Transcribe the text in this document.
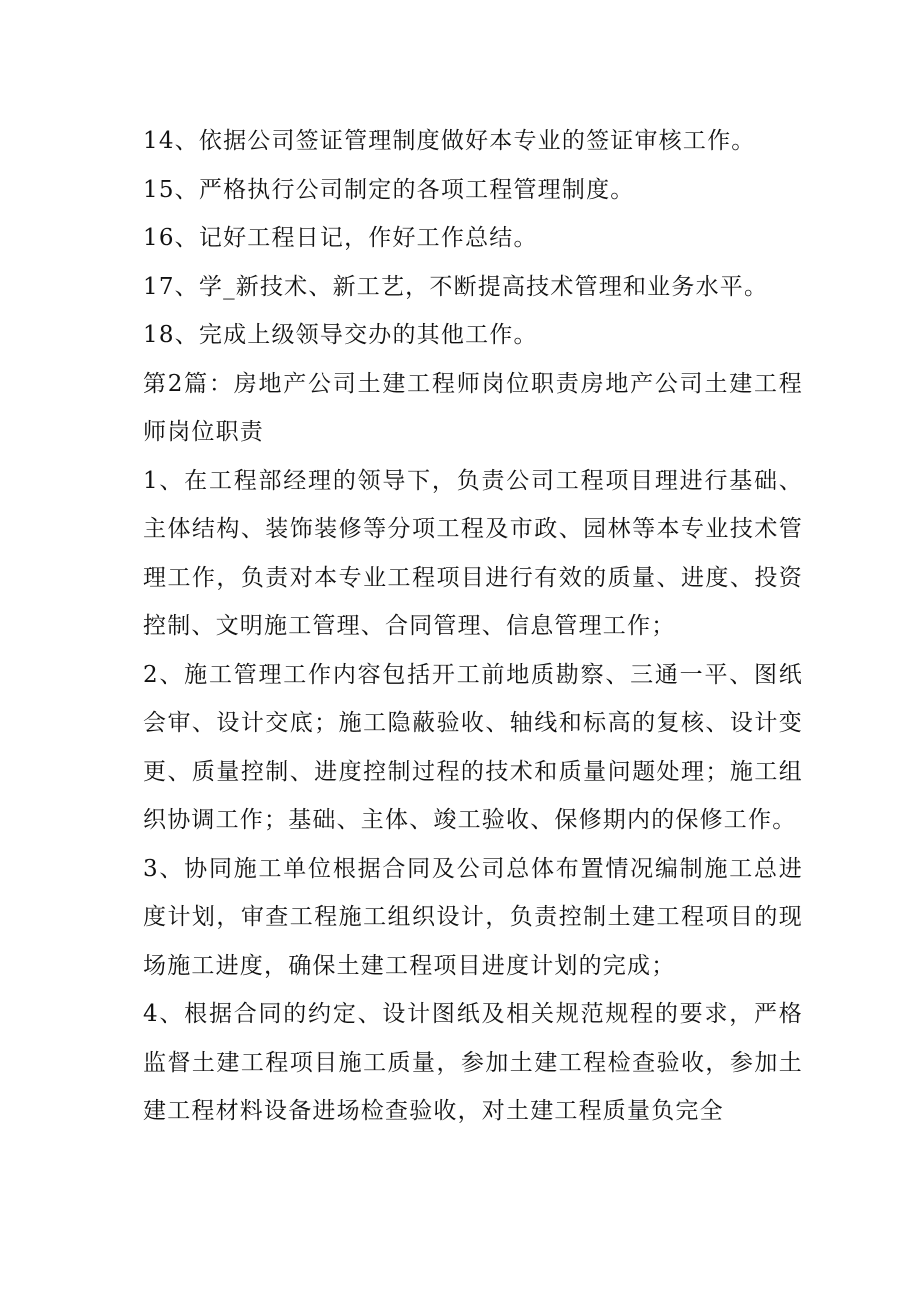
14、依据公司签证管理制度做好本专业的签证审核工作。

15、严格执行公司制定的各项工程管理制度。

16、记好工程日记，作好工作总结。

17、学_新技术、新工艺，不断提高技术管理和业务水平。

18、完成上级领导交办的其他工作。

第2篇：房地产公司土建工程师岗位职责房地产公司土建工程师岗位职责

1、在工程部经理的领导下，负责公司工程项目理进行基础、主体结构、装饰装修等分项工程及市政、园林等本专业技术管理工作，负责对本专业工程项目进行有效的质量、进度、投资控制、文明施工管理、合同管理、信息管理工作；

2、施工管理工作内容包括开工前地质勘察、三通一平、图纸会审、设计交底；施工隐蔽验收、轴线和标高的复核、设计变更、质量控制、进度控制过程的技术和质量问题处理；施工组织协调工作；基础、主体、竣工验收、保修期内的保修工作。

3、协同施工单位根据合同及公司总体布置情况编制施工总进度计划，审查工程施工组织设计，负责控制土建工程项目的现场施工进度，确保土建工程项目进度计划的完成；

4、根据合同的约定、设计图纸及相关规范规程的要求，严格监督土建工程项目施工质量，参加土建工程检查验收，参加土建工程材料设备进场检查验收，对土建工程质量负完全
